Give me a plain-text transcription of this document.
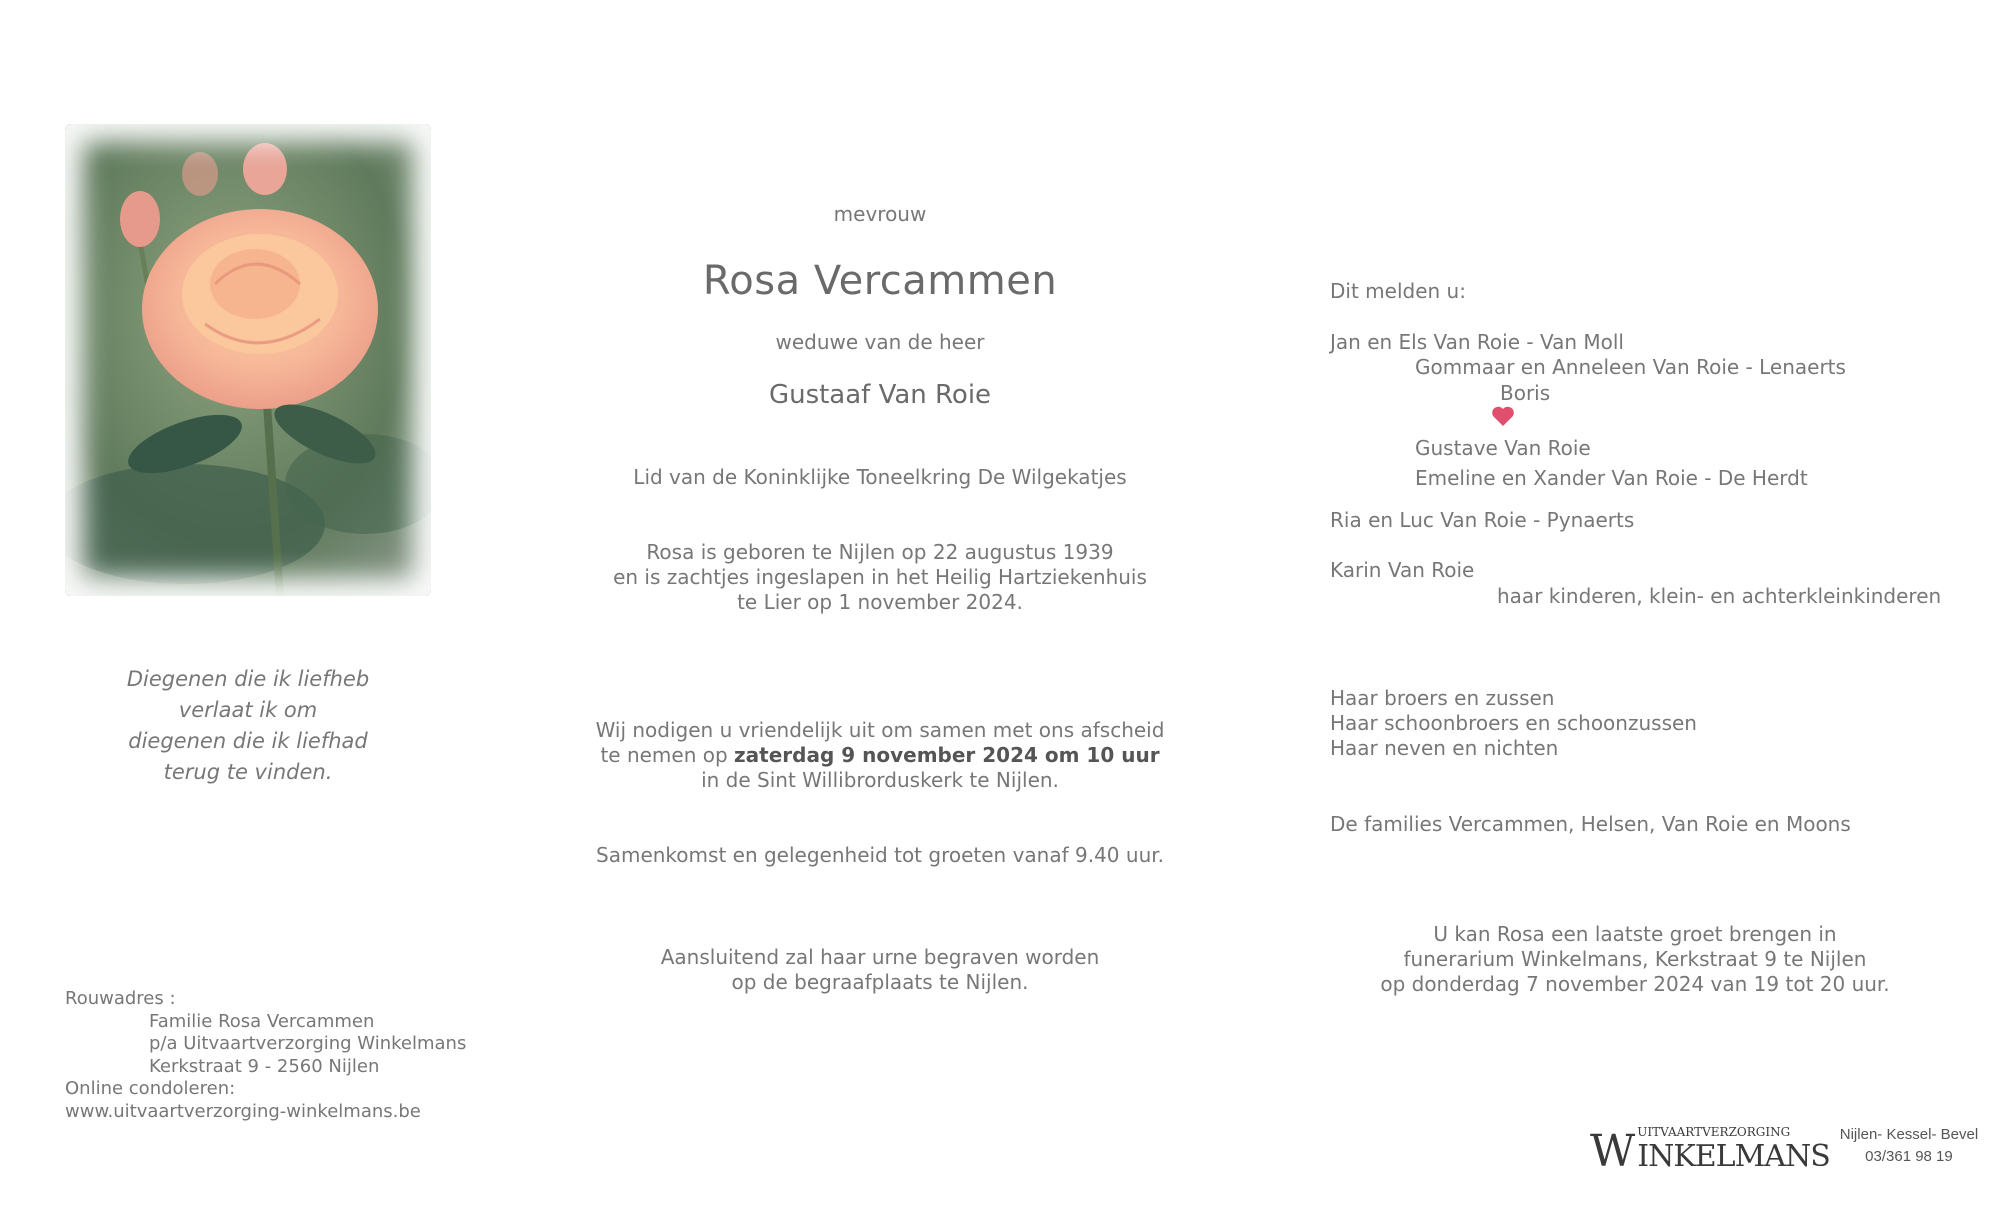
Diegenen die ik liefheb
verlaat ik om
diegenen die ik liefhad
terug te vinden.
Rouwadres :
Familie Rosa Vercammen
p/a Uitvaartverzorging Winkelmans
Kerkstraat 9 - 2560 Nijlen
Online condoleren:
www.uitvaartverzorging-winkelmans.be
mevrouw
Rosa Vercammen
weduwe van de heer
Gustaaf Van Roie
Lid van de Koninklijke Toneelkring De Wilgekatjes
Rosa is geboren te Nijlen op 22 augustus 1939
en is zachtjes ingeslapen in het Heilig Hartziekenhuis
te Lier op 1 november 2024.
Wij nodigen u vriendelijk uit om samen met ons afscheid
te nemen op zaterdag 9 november 2024 om 10 uur
in de Sint Willibrorduskerk te Nijlen.
Samenkomst en gelegenheid tot groeten vanaf 9.40 uur.
Aansluitend zal haar urne begraven worden
op de begraafplaats te Nijlen.
Dit melden u:
Jan en Els Van Roie - Van Moll
Gommaar en Anneleen Van Roie - Lenaerts
Boris
Gustave Van Roie
Emeline en Xander Van Roie - De Herdt
Ria en Luc Van Roie - Pynaerts
Karin Van Roie
haar kinderen, klein- en achterkleinkinderen
Haar broers en zussen
Haar schoonbroers en schoonzussen
Haar neven en nichten
De families Vercammen, Helsen, Van Roie en Moons
U kan Rosa een laatste groet brengen in
funerarium Winkelmans, Kerkstraat 9 te Nijlen
op donderdag 7 november 2024 van 19 tot 20 uur.
W UITVAARTVERZORGING
INKELMANS
Nijlen- Kessel- Bevel
03/361 98 19
